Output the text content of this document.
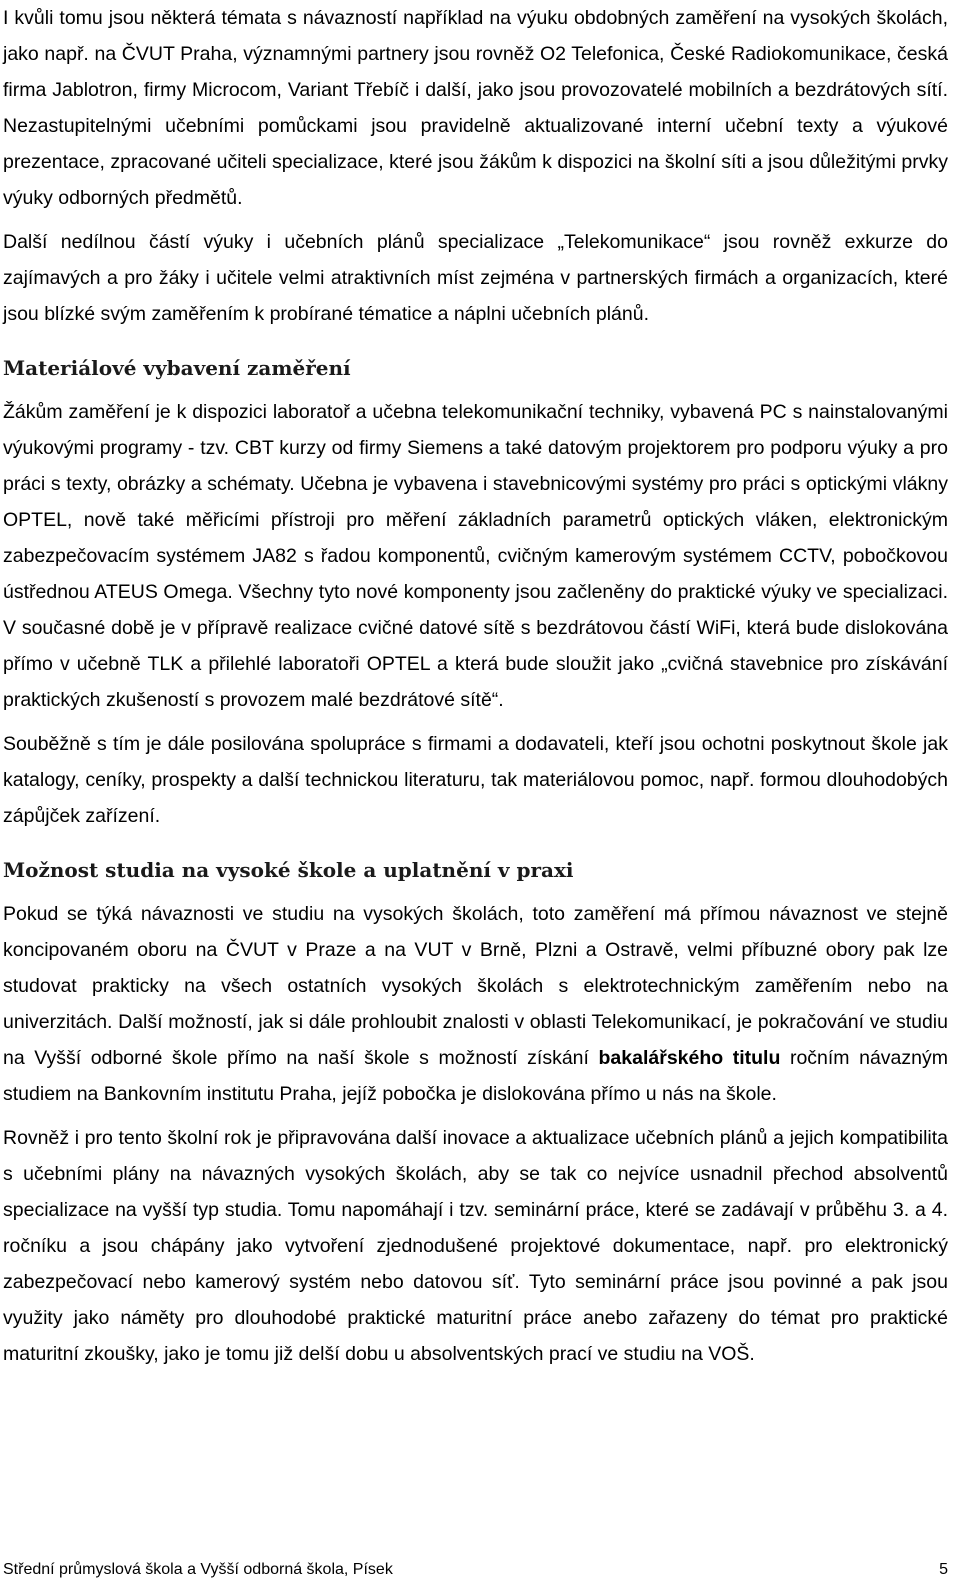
I kvůli tomu jsou některá témata s návazností například na výuku obdobných zaměření na vysokých školách, jako např. na ČVUT Praha, významnými partnery jsou rovněž O2 Telefonica, České Radiokomunikace, česká firma Jablotron, firmy Microcom, Variant Třebíč i další, jako jsou provozovatelé mobilních a bezdrátových sítí. Nezastupitelnými učebními pomůckami jsou pravidelně aktualizované interní učební texty a výukové prezentace, zpracované učiteli specializace, které jsou žákům k dispozici na školní síti a jsou důležitými prvky výuky odborných předmětů.

Další nedílnou částí výuky i učebních plánů specializace „Telekomunikace“ jsou rovněž exkurze do zajímavých a pro žáky i učitele velmi atraktivních míst zejména v partnerských firmách a organizacích, které jsou blízké svým zaměřením k probírané tématice a náplni učebních plánů.

Materiálové vybavení zaměření

Žákům zaměření je k dispozici laboratoř a učebna telekomunikační techniky, vybavená PC s nainstalovanými výukovými programy - tzv. CBT kurzy od firmy Siemens a také datovým projektorem pro podporu výuky a pro práci s texty, obrázky a schématy. Učebna je vybavena i stavebnicovými systémy pro práci s optickými vlákny OPTEL, nově také měřicími přístroji pro měření základních parametrů optických vláken, elektronickým zabezpečovacím systémem JA82 s řadou komponentů, cvičným kamerovým systémem CCTV, pobočkovou ústřednou ATEUS Omega. Všechny tyto nové komponenty jsou začleněny do praktické výuky ve specializaci. V současné době je v přípravě realizace cvičné datové sítě s bezdrátovou částí WiFi, která bude dislokována přímo v učebně TLK a přilehlé laboratoři OPTEL a která bude sloužit jako „cvičná stavebnice pro získávání praktických zkušeností s provozem malé bezdrátové sítě“.

Souběžně s tím je dále posilována spolupráce s firmami a dodavateli, kteří jsou ochotni poskytnout škole jak katalogy, ceníky, prospekty a další technickou literaturu, tak materiálovou pomoc, např. formou dlouhodobých zápůjček zařízení.

Možnost studia na vysoké škole a uplatnění v praxi

Pokud se týká návaznosti ve studiu na vysokých školách, toto zaměření má přímou návaznost ve stejně koncipovaném oboru na ČVUT v Praze a na VUT v Brně, Plzni a Ostravě, velmi příbuzné obory pak lze studovat prakticky na všech ostatních vysokých školách s elektrotechnickým zaměřením nebo na univerzitách. Další možností, jak si dále prohloubit znalosti v oblasti Telekomunikací, je pokračování ve studiu na Vyšší odborné škole přímo na naší škole s možností získání bakalářského titulu ročním návazným studiem na Bankovním institutu Praha, jejíž pobočka je dislokována přímo u nás na škole.

Rovněž i pro tento školní rok je připravována další inovace a aktualizace učebních plánů a jejich kompatibilita s učebními plány na návazných vysokých školách, aby se tak co nejvíce usnadnil přechod absolventů specializace na vyšší typ studia. Tomu napomáhají i tzv. seminární práce, které se zadávají v průběhu 3. a 4. ročníku a jsou chápány jako vytvoření zjednodušené projektové dokumentace, např. pro elektronický zabezpečovací nebo kamerový systém nebo datovou síť. Tyto seminární práce jsou povinné a pak jsou využity jako náměty pro dlouhodobé praktické maturitní práce anebo zařazeny do témat pro praktické maturitní zkoušky, jako je tomu již delší dobu u absolventských prací ve studiu na VOŠ.

Střední průmyslová škola a Vyšší odborná škola, Písek	5
